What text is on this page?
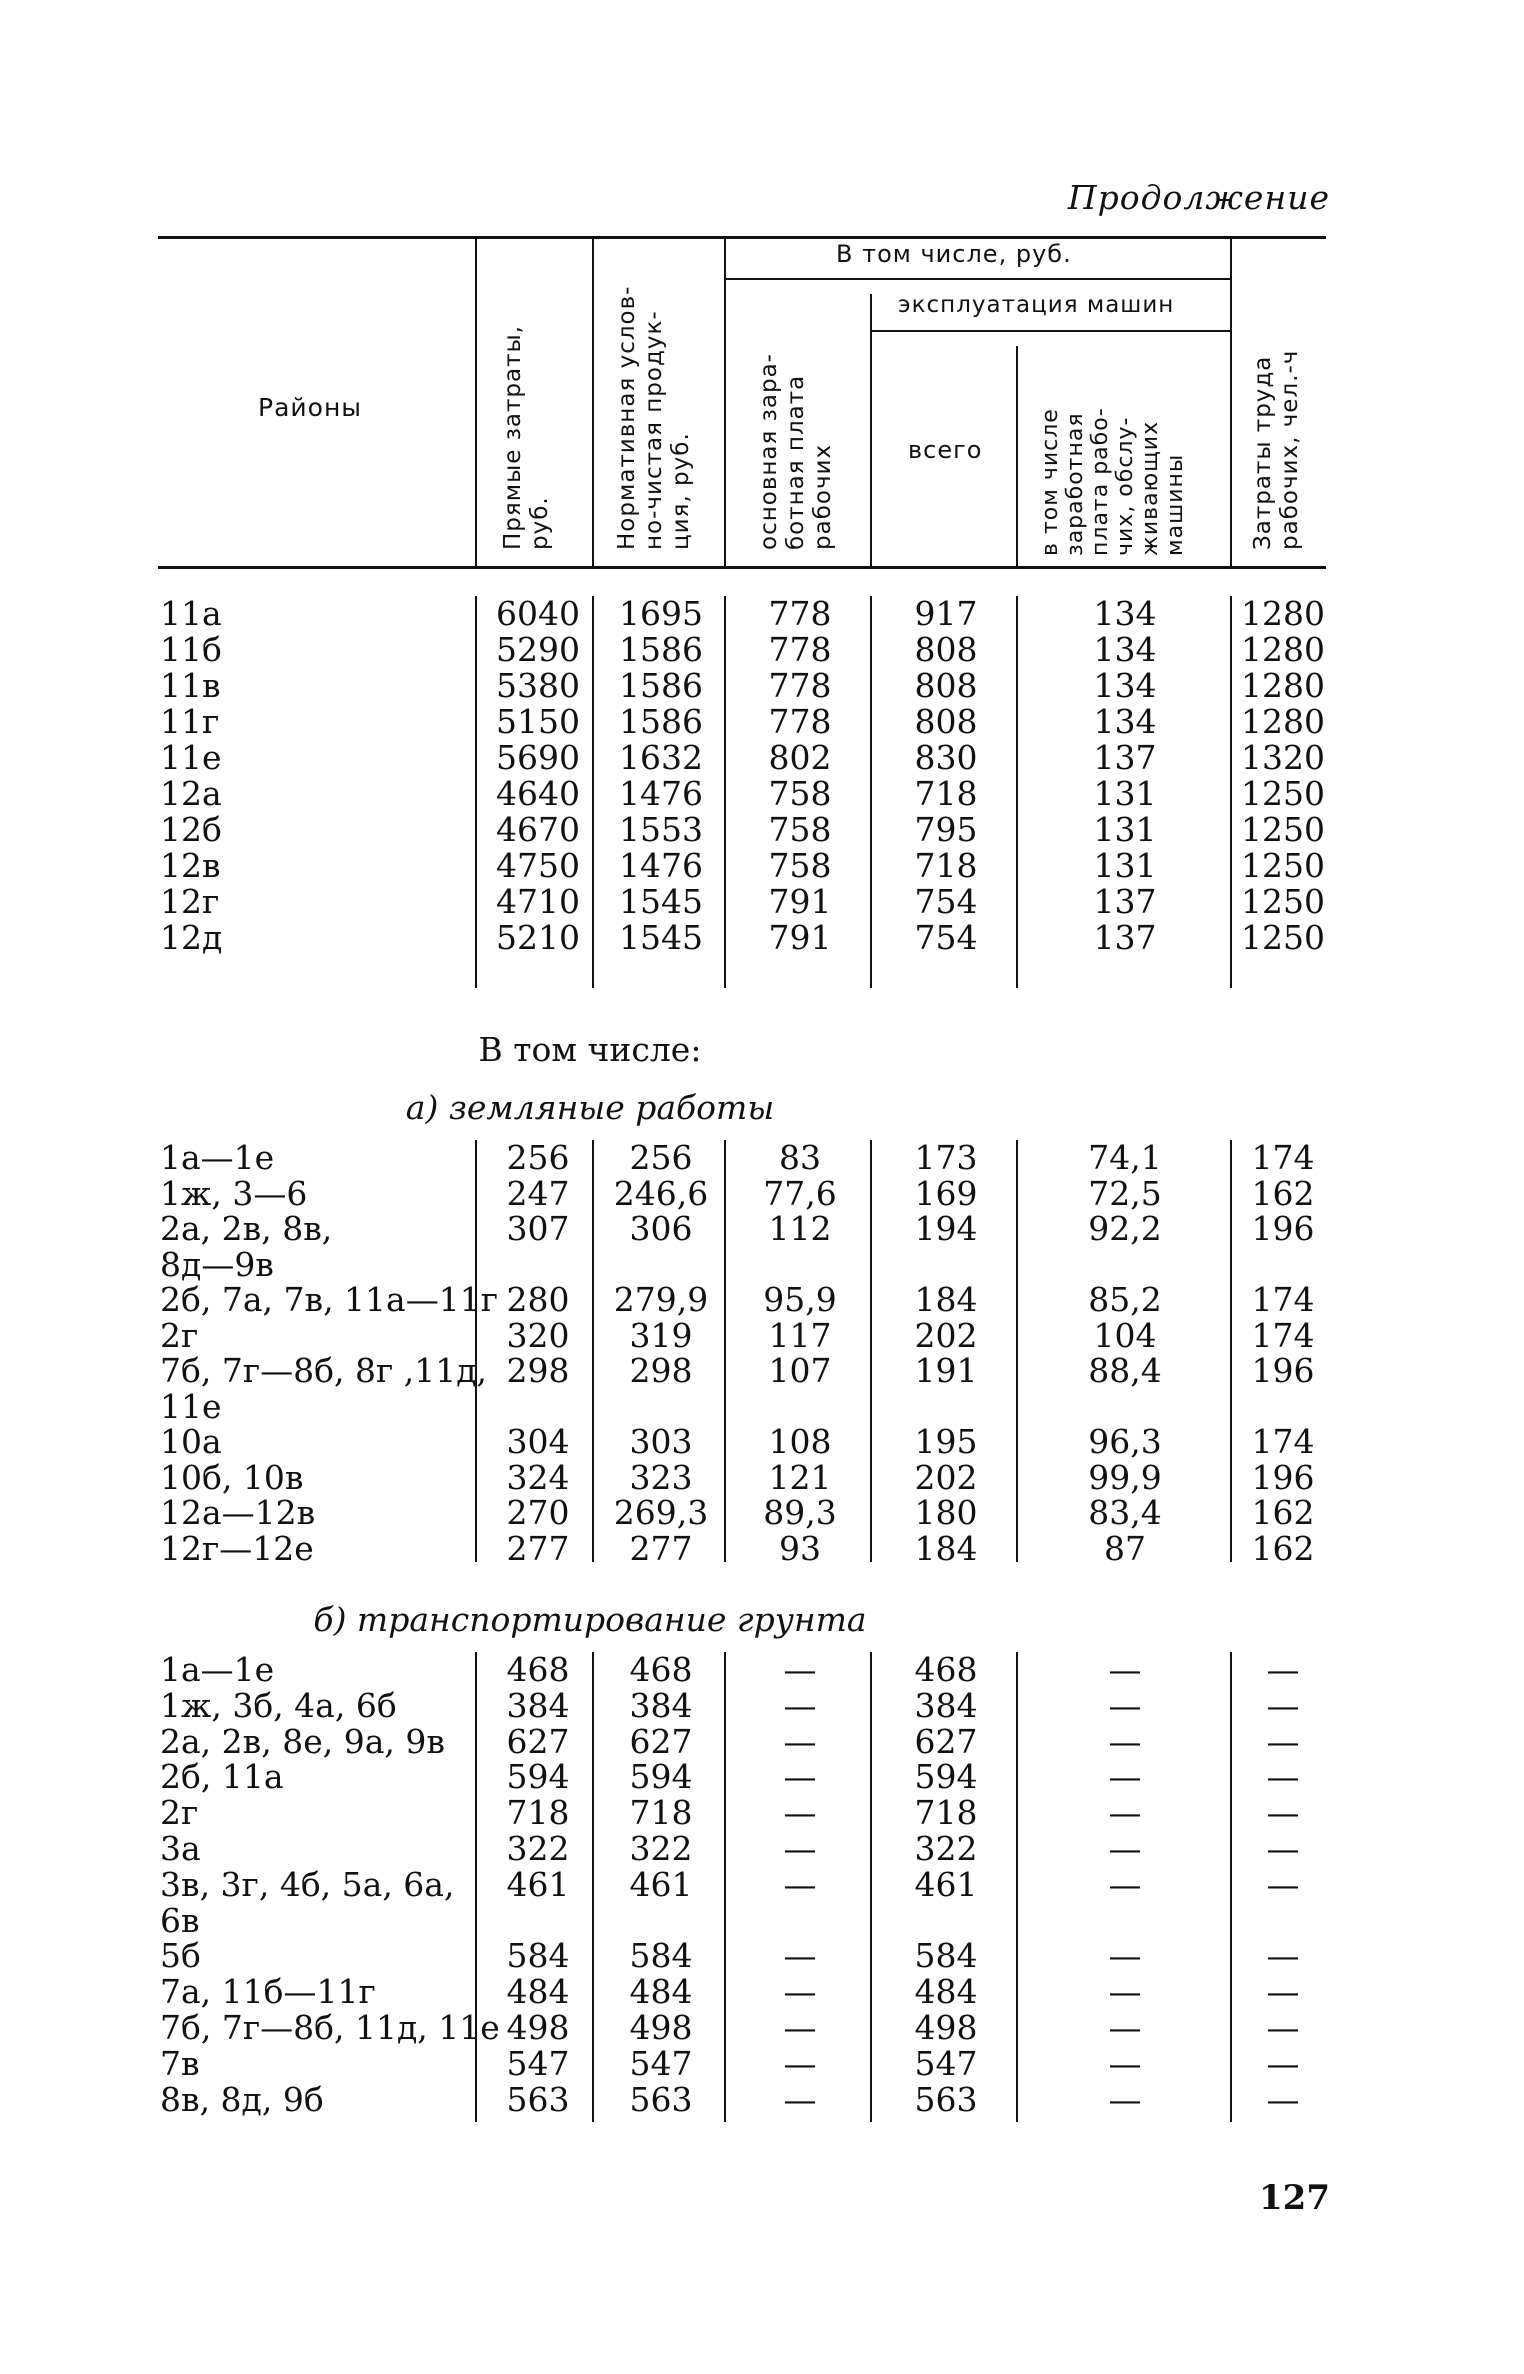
Продолжение
Районы
Прямые затраты,
руб.	Нормативная услов-
но-чистая продук-
ция, руб.
В том числе, руб.
основная зара-
ботная плата
рабочих
эксплуатация машин
всего
в том числе
заработная
плата рабо-
чих, обслу-
живающих
машины	Затраты труда
рабочих, чел.-ч
11а	6040	1695	778	917	134	1280
11б	5290	1586	778	808	134	1280
11в	5380	1586	778	808	134	1280
11г	5150	1586	778	808	134	1280
11е	5690	1632	802	830	137	1320
12а	4640	1476	758	718	131	1250
12б	4670	1553	758	795	131	1250
12в	4750	1476	758	718	131	1250
12г	4710	1545	791	754	137	1250
12д	5210	1545	791	754	137	1250
В том числе:
а) земляные работы
1а—1е	256	256	83	173	74,1	174
1ж, 3—6	247	246,6	77,6	169	72,5	162
2а, 2в, 8в,	307	306	112	194	92,2	196
8д—9в
2б, 7а, 7в, 11а—11г 280	279,9	95,9	184	85,2	174
2г	320	319	117	202	104	174
7б, 7г—8б, 8г ,11д, 298	298	107	191	88,4	196
11е
10а	304	303	108	195	96,3	174
10б, 10в	324	323	121	202	99,9	196
12а—12в	270	269,3	89,3	180	83,4	162
12г—12е	277	277	93	184	87	162
б) транспортирование грунта
1а—1е	468	468	—	468	—	—
1ж, 3б, 4а, 6б	384	384	—	384	—	—
2а, 2в, 8е, 9а, 9в	627	627	—	627	—	—
2б, 11а	594	594	—	594	—	—
2г	718	718	—	718	—	—
3а	322	322	—	322	—	—
3в, 3г, 4б, 5а, 6а,	461	461	—	461	—	—
6в
5б	584	584	—	584	—	—
7а, 11б—11г	484	484	—	484	—	—
7б, 7г—8б, 11д, 11е 498	498	—	498	—	—
7в	547	547	—	547	—	—
8в, 8д, 9б	563	563	—	563	—	—
127
